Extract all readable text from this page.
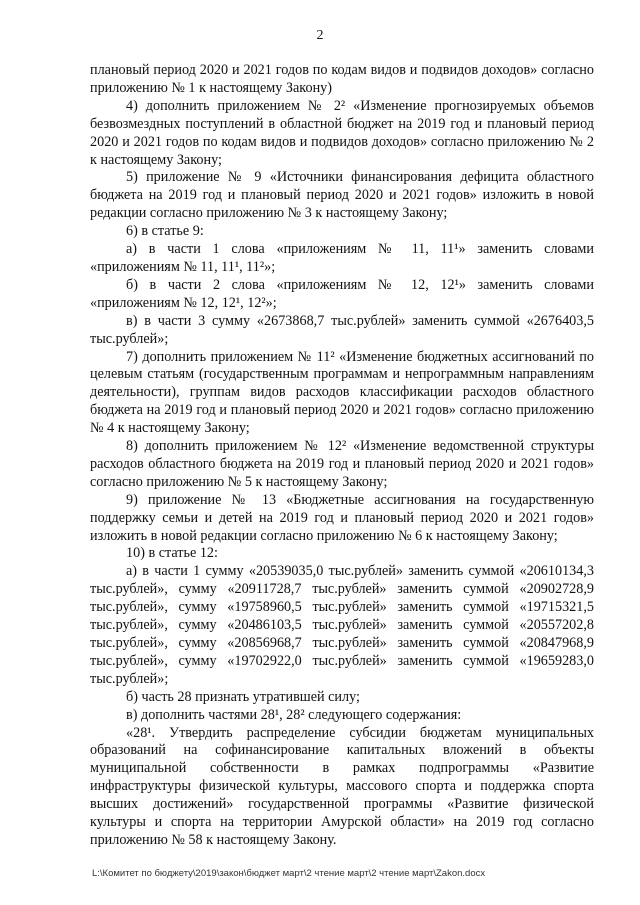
2

плановый период 2020 и 2021 годов по кодам видов и подвидов доходов» согласно приложению № 1 к настоящему Закону)

4) дополнить приложением № 2² «Изменение прогнозируемых объемов безвозмездных поступлений в областной бюджет на 2019 год и плановый период 2020 и 2021 годов по кодам видов и подвидов доходов» согласно приложению № 2 к настоящему Закону;

5) приложение № 9 «Источники финансирования дефицита областного бюджета на 2019 год и плановый период 2020 и 2021 годов» изложить в новой редакции согласно приложению № 3 к настоящему Закону;

6) в статье 9:

а) в части 1 слова «приложениям № 11, 11¹» заменить словами «приложениям № 11, 11¹, 11²»;

б) в части 2 слова «приложениям № 12, 12¹» заменить словами «приложениям № 12, 12¹, 12²»;

в) в части 3 сумму «2673868,7 тыс.рублей» заменить суммой «2676403,5 тыс.рублей»;

7) дополнить приложением № 11² «Изменение бюджетных ассигнований по целевым статьям (государственным программам и непрограммным направлениям деятельности), группам видов расходов классификации расходов областного бюджета на 2019 год и плановый период 2020 и 2021 годов» согласно приложению № 4 к настоящему Закону;

8) дополнить приложением № 12² «Изменение ведомственной структуры расходов областного бюджета на 2019 год и плановый период 2020 и 2021 годов» согласно приложению № 5 к настоящему Закону;

9) приложение № 13 «Бюджетные ассигнования на государственную поддержку семьи и детей на 2019 год и плановый период 2020 и 2021 годов» изложить в новой редакции согласно приложению № 6 к настоящему Закону;

10) в статье 12:

а) в части 1 сумму «20539035,0 тыс.рублей» заменить суммой «20610134,3 тыс.рублей», сумму «20911728,7 тыс.рублей» заменить суммой «20902728,9 тыс.рублей», сумму «19758960,5 тыс.рублей» заменить суммой «19715321,5 тыс.рублей», сумму «20486103,5 тыс.рублей» заменить суммой «20557202,8 тыс.рублей», сумму «20856968,7 тыс.рублей» заменить суммой «20847968,9 тыс.рублей», сумму «19702922,0 тыс.рублей» заменить суммой «19659283,0 тыс.рублей»;

б) часть 28 признать утратившей силу;

в) дополнить частями 28¹, 28² следующего содержания:

«28¹. Утвердить распределение субсидии бюджетам муниципальных образований на софинансирование капитальных вложений в объекты муниципальной собственности в рамках подпрограммы «Развитие инфраструктуры физической культуры, массового спорта и поддержка спорта высших достижений» государственной программы «Развитие физической культуры и спорта на территории Амурской области» на 2019 год согласно приложению № 58 к настоящему Закону.

L:\Комитет по бюджету\2019\закон\бюджет март\2 чтение март\2 чтение март\Zakon.docx
